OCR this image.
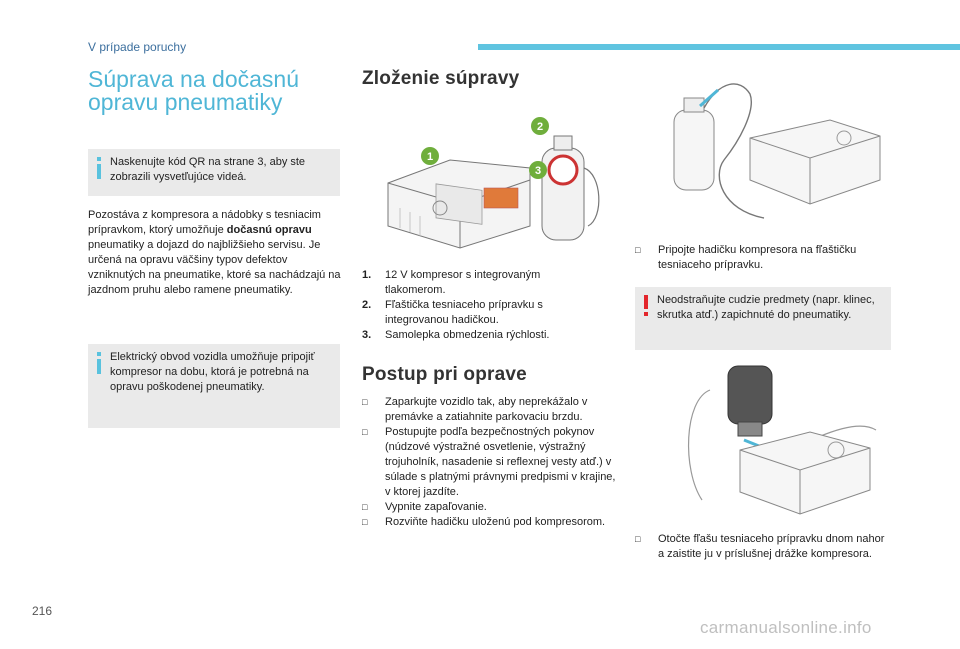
V prípade poruchy
Súprava na dočasnú
opravu pneumatiky
Naskenujte kód QR na strane 3, aby ste zobrazili vysvetľujúce videá.
Pozostáva z kompresora a nádobky s tesniacim prípravkom, ktorý umožňuje dočasnú opravu pneumatiky a dojazd do najbližšieho servisu. Je určená na opravu väčšiny typov defektov vzniknutých na pneumatike, ktoré sa nachádzajú na jazdnom pruhu alebo ramene pneumatiky.
Elektrický obvod vozidla umožňuje pripojiť kompresor na dobu, ktorá je potrebná na opravu poškodenej pneumatiky.
Zloženie súpravy
1
2
3
1. 12 V kompresor s integrovaným tlakomerom.
2. Fľaštička tesniaceho prípravku s integrovanou hadičkou.
3. Samolepka obmedzenia rýchlosti.
Postup pri oprave
□ Zaparkujte vozidlo tak, aby neprekážalo v premávke a zatiahnite parkovaciu brzdu.
□ Postupujte podľa bezpečnostných pokynov (núdzové výstražné osvetlenie, výstražný trojuholník, nasadenie si reflexnej vesty atď.) v súlade s platnými právnymi predpismi v krajine, v ktorej jazdíte.
□ Vypnite zapaľovanie.
□ Rozviňte hadičku uloženú pod kompresorom.
□ Pripojte hadičku kompresora na fľaštičku tesniaceho prípravku.
Neodstraňujte cudzie predmety (napr. klinec, skrutka atď.) zapichnuté do pneumatiky.
□ Otočte fľašu tesniaceho prípravku dnom nahor a zaistite ju v príslušnej drážke kompresora.
216
carmanualsonline.info
